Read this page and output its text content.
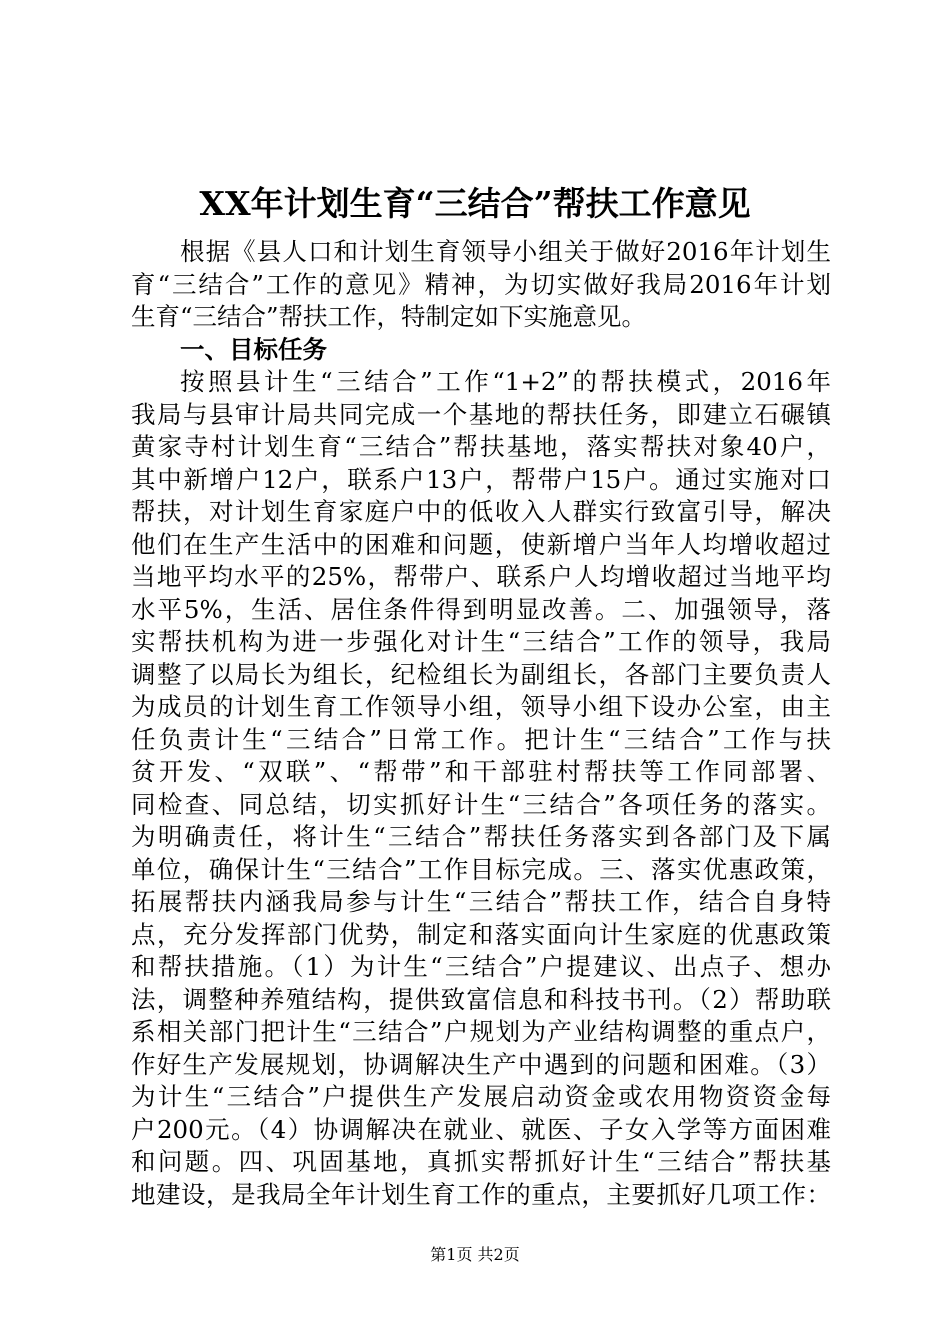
XX年计划生育“三结合”帮扶工作意见
根据《县人口和计划生育领导小组关于做好2016年计划生
育“三结合”工作的意见》精神，为切实做好我局2016年计划
生育“三结合”帮扶工作，特制定如下实施意见。
一、目标任务
按照县计生“三结合”工作“1+2”的帮扶模式，2016年
我局与县审计局共同完成一个基地的帮扶任务，即建立石碾镇
黄家寺村计划生育“三结合”帮扶基地，落实帮扶对象40户，
其中新增户12户，联系户13户，帮带户15户。通过实施对口
帮扶，对计划生育家庭户中的低收入人群实行致富引导，解决
他们在生产生活中的困难和问题，使新增户当年人均增收超过
当地平均水平的25%，帮带户、联系户人均增收超过当地平均
水平5%，生活、居住条件得到明显改善。二、加强领导，落
实帮扶机构为进一步强化对计生“三结合”工作的领导，我局
调整了以局长为组长，纪检组长为副组长，各部门主要负责人
为成员的计划生育工作领导小组，领导小组下设办公室，由主
任负责计生“三结合”日常工作。把计生“三结合”工作与扶
贫开发、“双联”、“帮带”和干部驻村帮扶等工作同部署、
同检查、同总结，切实抓好计生“三结合”各项任务的落实。
为明确责任，将计生“三结合”帮扶任务落实到各部门及下属
单位，确保计生“三结合”工作目标完成。三、落实优惠政策，
拓展帮扶内涵我局参与计生“三结合”帮扶工作，结合自身特
点，充分发挥部门优势，制定和落实面向计生家庭的优惠政策
和帮扶措施。（1）为计生“三结合”户提建议、出点子、想办
法，调整种养殖结构，提供致富信息和科技书刊。（2）帮助联
系相关部门把计生“三结合”户规划为产业结构调整的重点户，
作好生产发展规划，协调解决生产中遇到的问题和困难。（3）
为计生“三结合”户提供生产发展启动资金或农用物资资金每
户200元。（4）协调解决在就业、就医、子女入学等方面困难
和问题。四、巩固基地，真抓实帮抓好计生“三结合”帮扶基
地建设，是我局全年计划生育工作的重点，主要抓好几项工作：
第1页 共2页
